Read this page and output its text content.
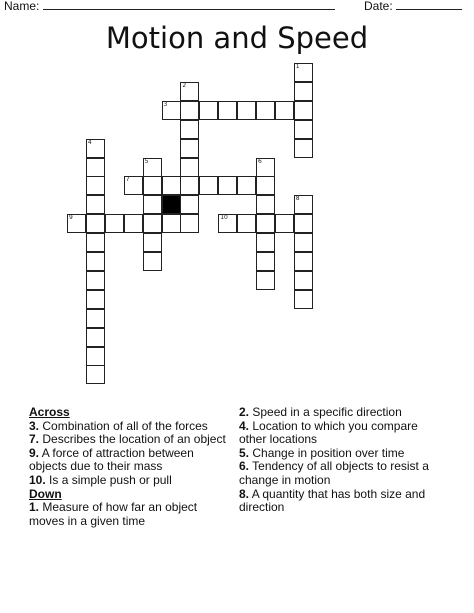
Name:	Date:
Motion and Speed
1
2
3
4
5	6
7
8
9	10
Across
3. Combination of all of the forces
7. Describes the location of an object
9. A force of attraction between objects due to their mass
10. Is a simple push or pull
Down
1. Measure of how far an object moves in a given time
2. Speed in a specific direction
4. Location to which you compare other locations
5. Change in position over time
6. Tendency of all objects to resist a change in motion
8. A quantity that has both size and direction
